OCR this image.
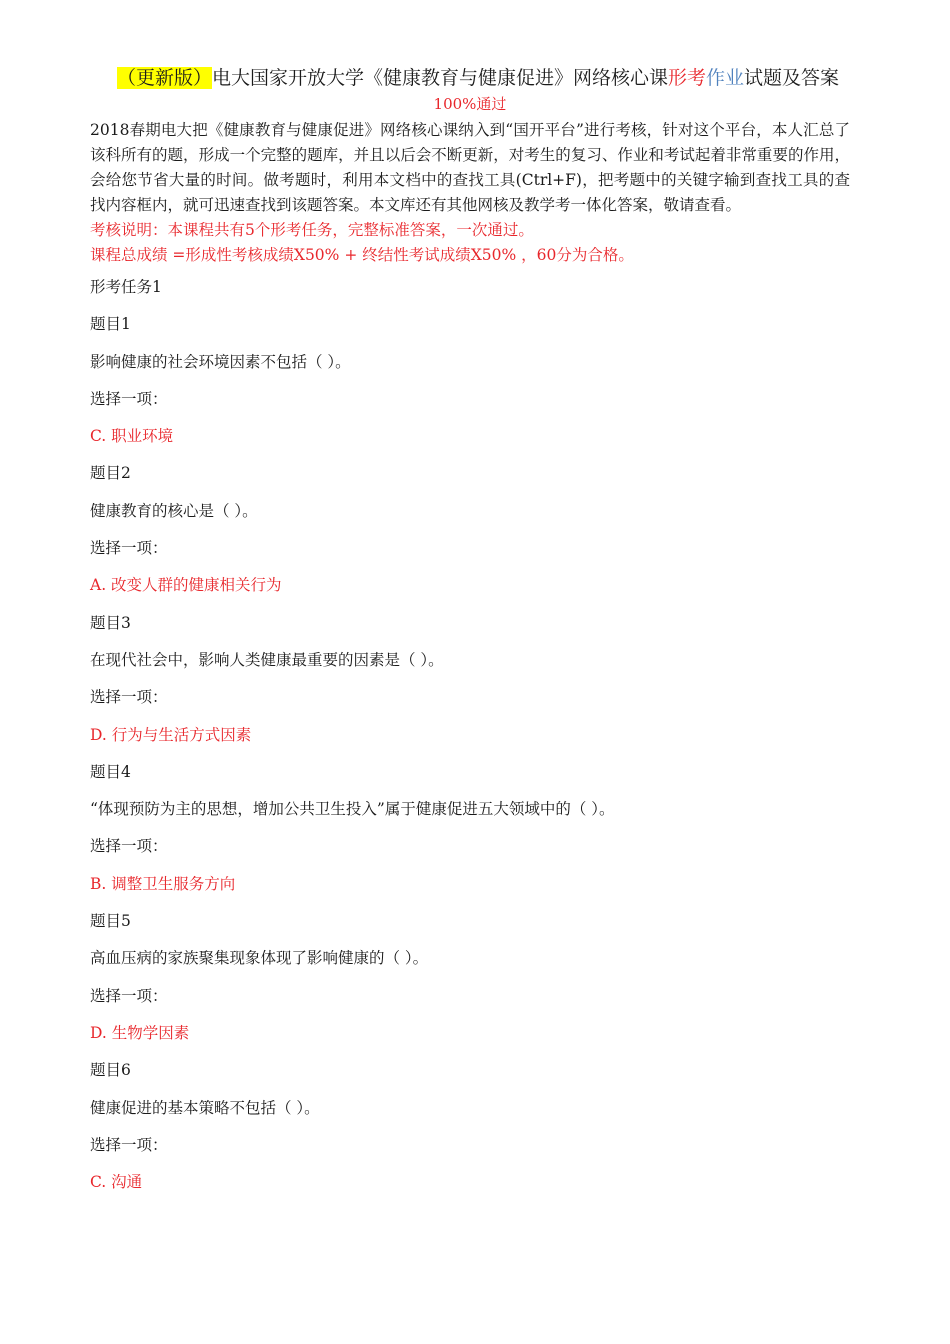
（更新版）电大国家开放大学《健康教育与健康促进》网络核心课形考作业试题及答案

100%通过

2018春期电大把《健康教育与健康促进》网络核心课纳入到“国开平台”进行考核，针对这个平台，本人汇总了该科所有的题，形成一个完整的题库，并且以后会不断更新，对考生的复习、作业和考试起着非常重要的作用，会给您节省大量的时间。做考题时，利用本文档中的查找工具(Ctrl+F)，把考题中的关键字输到查找工具的查找内容框内，就可迅速查找到该题答案。本文库还有其他网核及教学考一体化答案，敬请查看。

考核说明：本课程共有5个形考任务，完整标准答案，一次通过。

课程总成绩 =形成性考核成绩X50% + 终结性考试成绩X50% ，60分为合格。

形考任务1

题目1

影响健康的社会环境因素不包括（ ）。

选择一项：

C. 职业环境

题目2

健康教育的核心是（ ）。

选择一项：

A. 改变人群的健康相关行为

题目3

在现代社会中，影响人类健康最重要的因素是（ ）。

选择一项：

D. 行为与生活方式因素

题目4

“体现预防为主的思想，增加公共卫生投入”属于健康促进五大领域中的（ ）。

选择一项：

B. 调整卫生服务方向

题目5

高血压病的家族聚集现象体现了影响健康的（ ）。

选择一项：

D. 生物学因素

题目6

健康促进的基本策略不包括（ ）。

选择一项：

C. 沟通
